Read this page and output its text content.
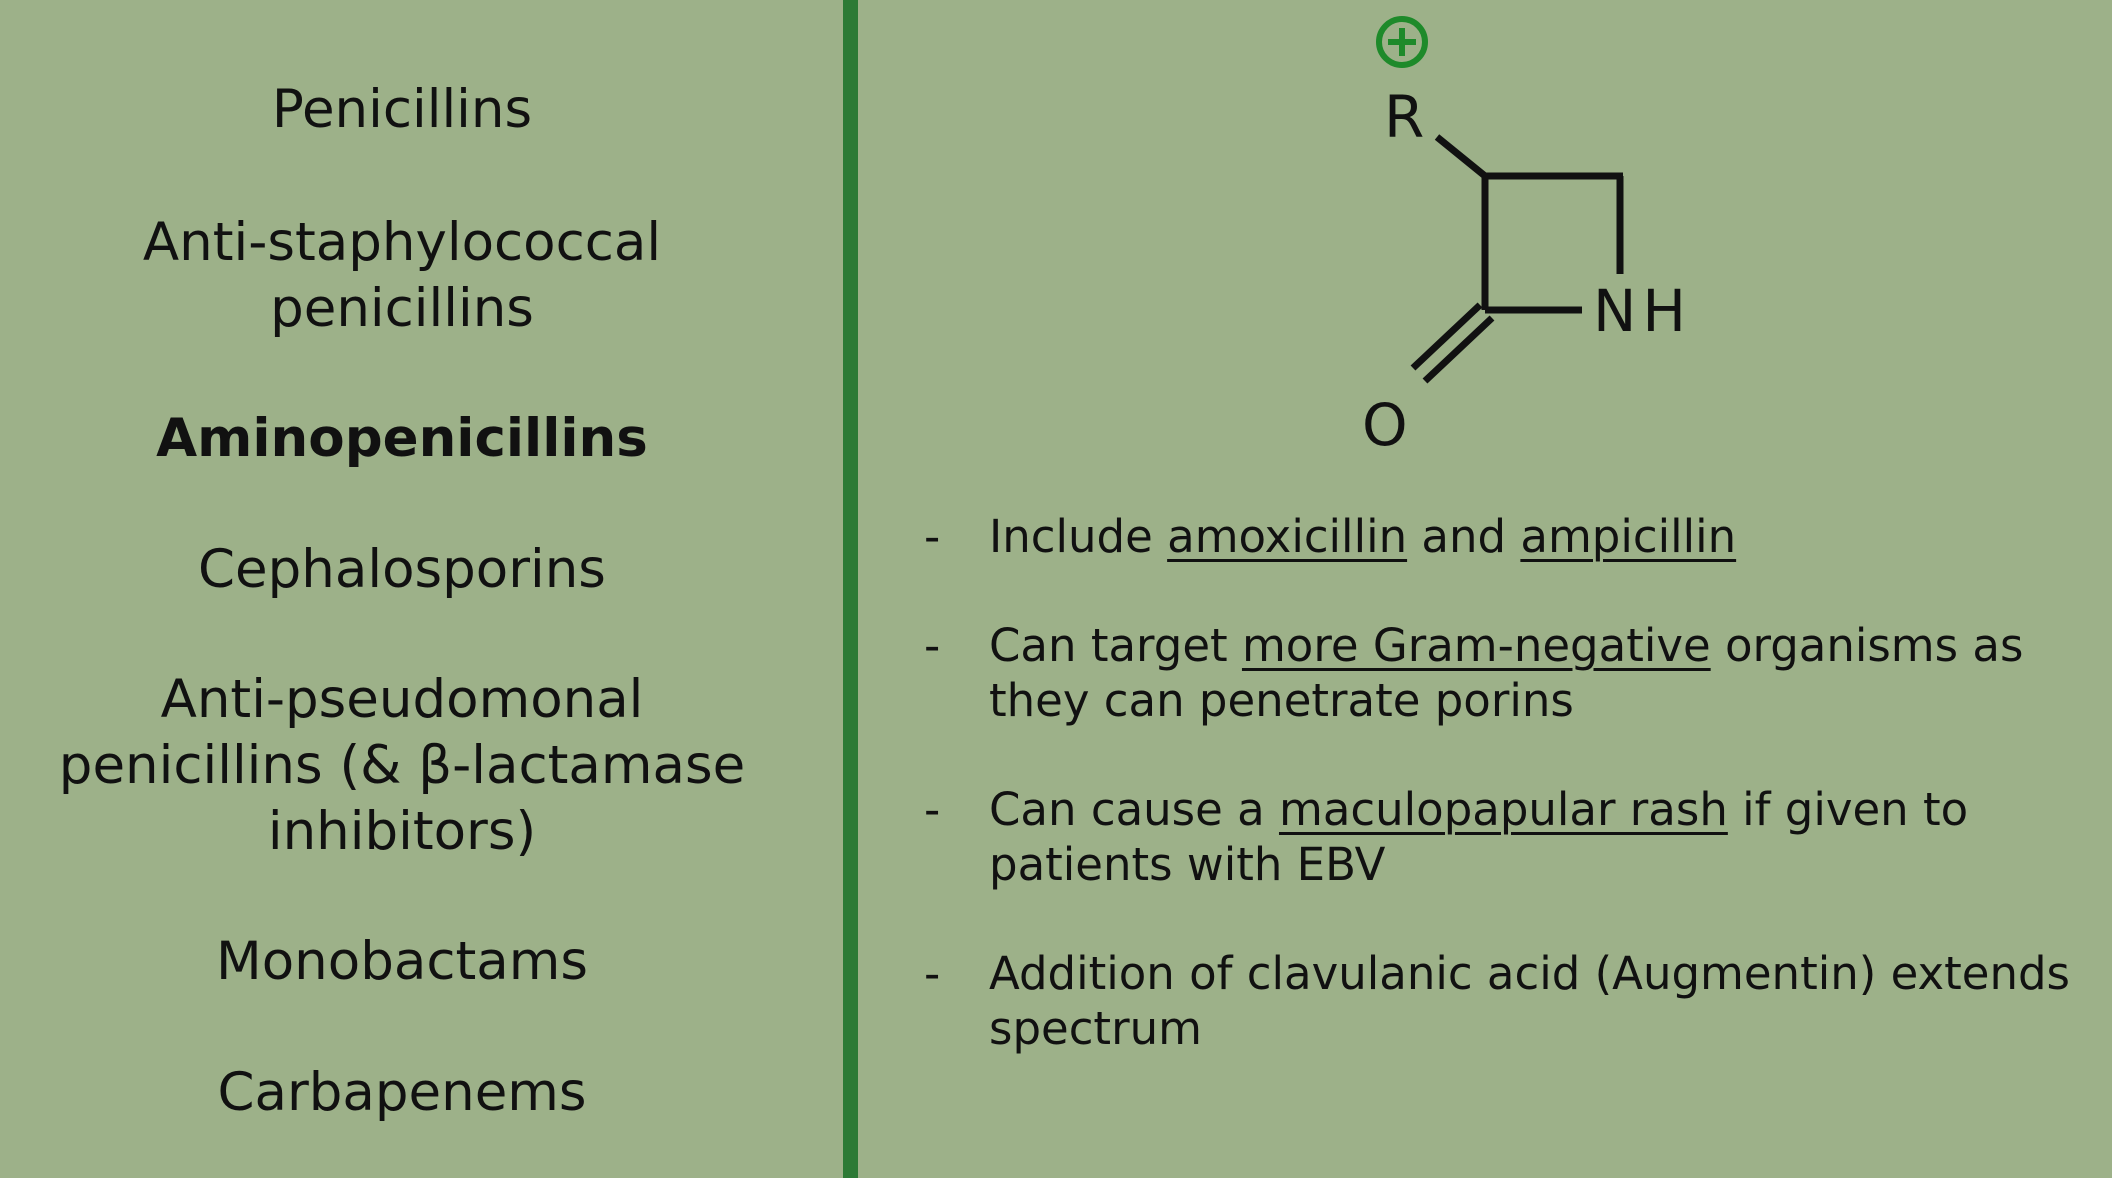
Penicillins
Anti-staphylococcal
penicillins
Aminopenicillins
Cephalosporins
Anti-pseudomonal
penicillins (& β-lactamase
inhibitors)
Monobactams
Carbapenems
R
NH
O
- Include amoxicillin and ampicillin
- Can target more Gram-negative organisms as
they can penetrate porins
- Can cause a maculopapular rash if given to
patients with EBV
- Addition of clavulanic acid (Augmentin) extends
spectrum
